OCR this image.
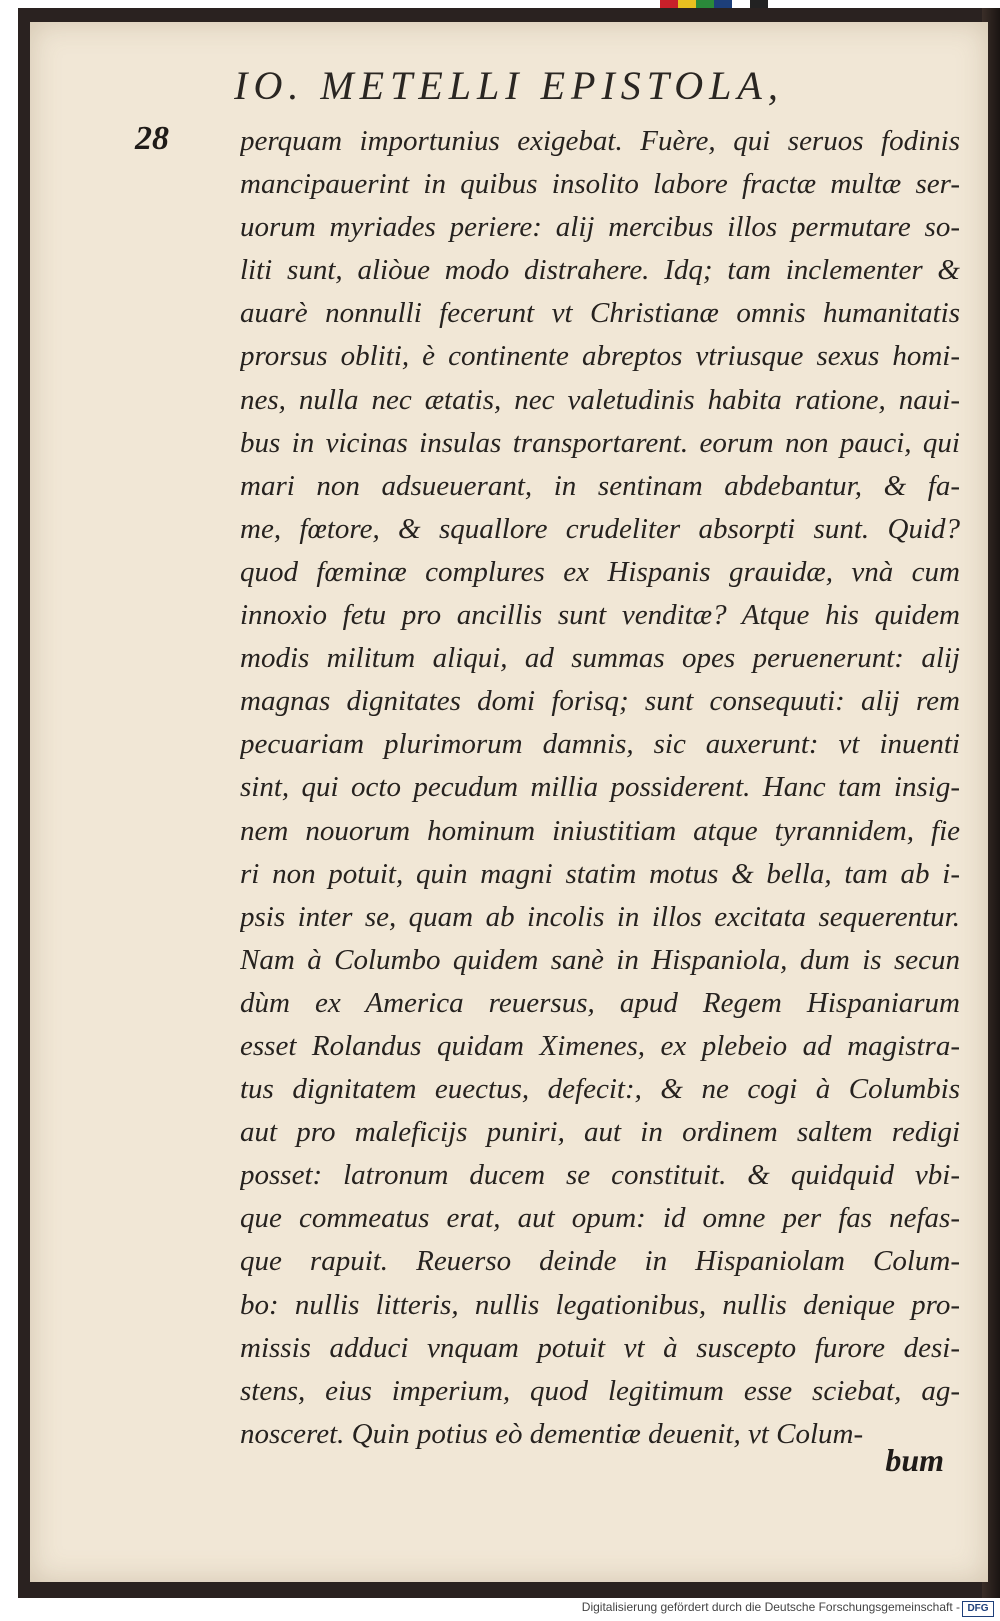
IO. METELLI EPISTOLA,
28 perquam importunius exigebat. Fuère, qui seruos fodinis
mancipauerint in quibus insolito labore fractæ multæ ser-
uorum myriades periere: alij mercibus illos permutare so-
liti sunt, aliòue modo distrahere. Idq; tam inclementer &
auarè nonnulli fecerunt vt Christianæ omnis humanitatis
prorsus obliti, è continente abreptos vtriusque sexus homi-
nes, nulla nec ætatis, nec valetudinis habita ratione, naui-
bus in vicinas insulas transportarent. eorum non pauci, qui
mari non adsueuerant, in sentinam abdebantur, & fa-
me, fœtore, & squallore crudeliter absorpti sunt. Quid?
quod fœminæ complures ex Hispanis grauidæ, vnà cum
innoxio fetu pro ancillis sunt venditæ? Atque his quidem
modis militum aliqui, ad summas opes peruenerunt: alij
magnas dignitates domi forisq; sunt consequuti: alij rem
pecuariam plurimorum damnis, sic auxerunt: vt inuenti
sint, qui octo pecudum millia possiderent. Hanc tam insig-
nem nouorum hominum iniustitiam atque tyrannidem, fie
ri non potuit, quin magni statim motus & bella, tam ab i-
psis inter se, quam ab incolis in illos excitata sequerentur.
Nam à Columbo quidem sanè in Hispaniola, dum is secun
dùm ex America reuersus, apud Regem Hispaniarum
esset Rolandus quidam Ximenes, ex plebeio ad magistra-
tus dignitatem euectus, defecit:, & ne cogi à Columbis
aut pro maleficijs puniri, aut in ordinem saltem redigi
posset: latronum ducem se constituit. & quidquid vbi-
que commeatus erat, aut opum: id omne per fas nefas-
que rapuit. Reuerso deinde in Hispaniolam Colum-
bo: nullis litteris, nullis legationibus, nullis denique pro-
missis adduci vnquam potuit vt à suscepto furore desi-
stens, eius imperium, quod legitimum esse sciebat, ag-
nosceret. Quin potius eò dementiæ deuenit, vt Colum-
bum
Digitalisierung gefördert durch die Deutsche Forschungsgemeinschaft - DFG
